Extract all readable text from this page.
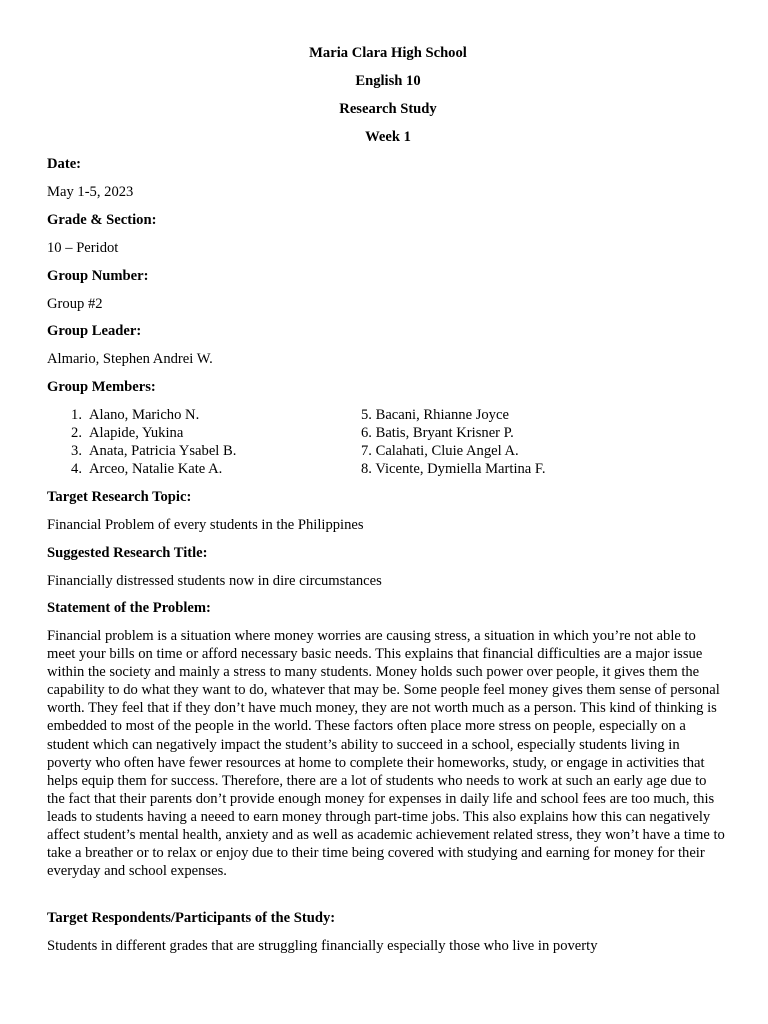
Maria Clara High School
English 10
Research Study
Week 1
Date:
May 1-5, 2023
Grade & Section:
10 – Peridot
Group Number:
Group #2
Group Leader:
Almario, Stephen Andrei W.
Group Members:
1. Alano, Maricho N.
2. Alapide, Yukina
3. Anata, Patricia Ysabel B.
4. Arceo, Natalie Kate A.
5. Bacani, Rhianne Joyce
6. Batis, Bryant Krisner P.
7. Calahati, Cluie Angel A.
8. Vicente, Dymiella Martina F.
Target Research Topic:
Financial Problem of every students in the Philippines
Suggested Research Title:
Financially distressed students now in dire circumstances
Statement of the Problem:
Financial problem is a situation where money worries are causing stress, a situation in which you’re not able to meet your bills on time or afford necessary basic needs. This explains that financial difficulties are a major issue within the society and mainly a stress to many students. Money holds such power over people, it gives them the capability to do what they want to do, whatever that may be. Some people feel money gives them sense of personal worth. They feel that if they don’t have much money, they are not worth much as a person. This kind of thinking is embedded to most of the people in the world. These factors often place more stress on people, especially on a student which can negatively impact the student’s ability to succeed in a school, especially students living in poverty who often have fewer resources at home to complete their homeworks, study, or engage in activities that helps equip them for success. Therefore, there are a lot of students who needs to work at such an early age due to the fact that their parents don’t provide enough money for expenses in daily life and school fees are too much, this leads to students having a neeed to earn money through part-time jobs. This also explains how this can negatively affect student’s mental health, anxiety and as well as academic achievement related stress, they won’t have a time to take a breather or to relax or enjoy due to their time being covered with studying and earning for money for their everyday and school expenses.
Target Respondents/Participants of the Study:
Students in different grades that are struggling financially especially those who live in poverty
